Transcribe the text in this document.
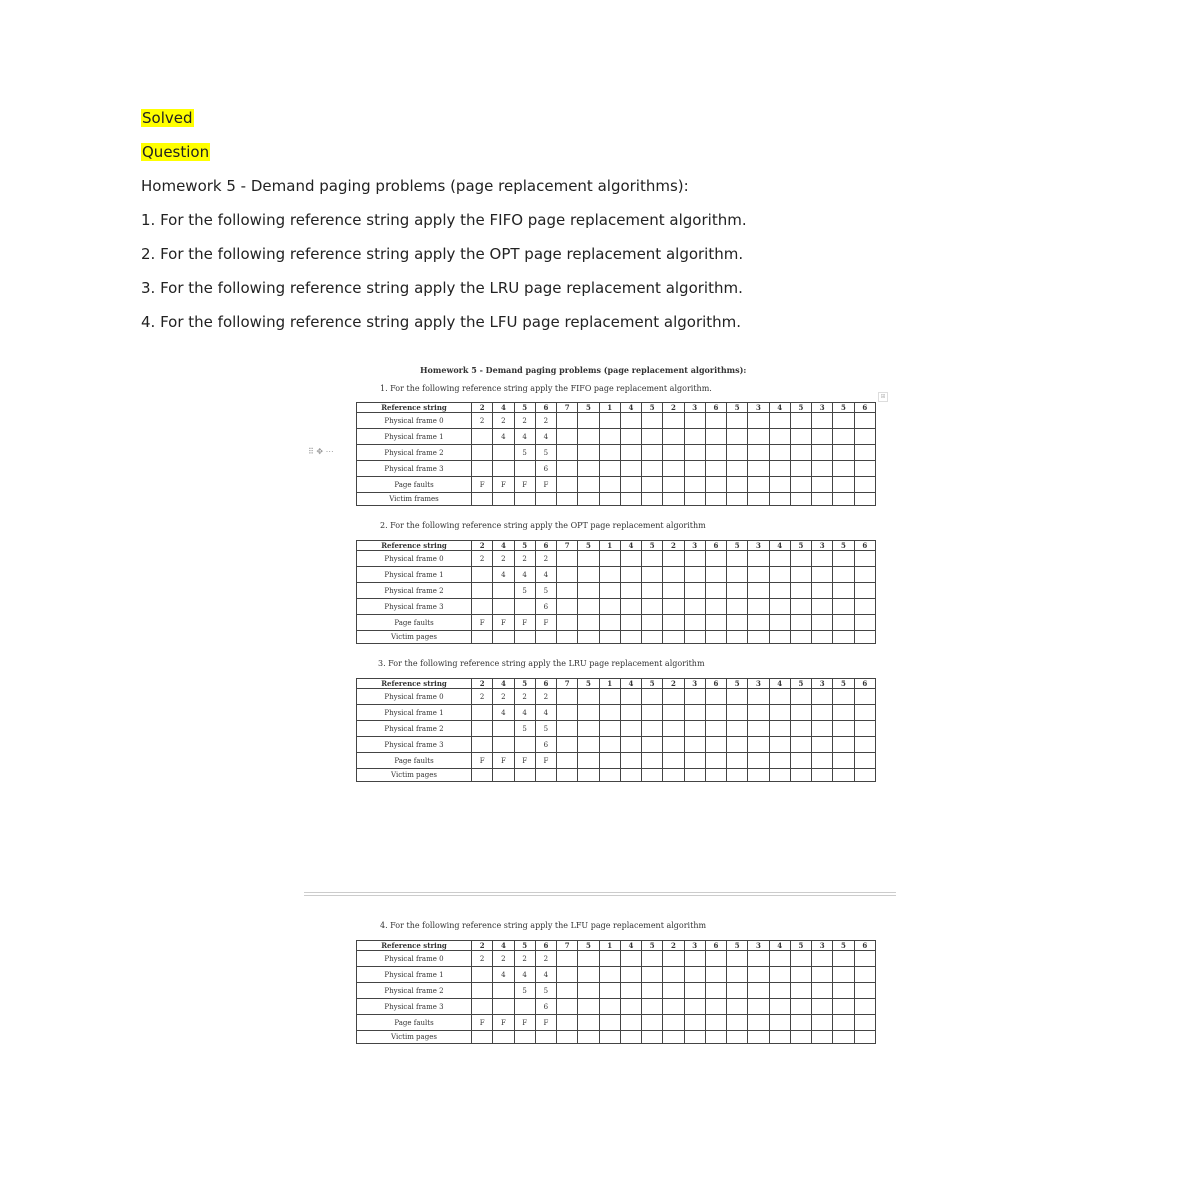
Solved
Question
Homework 5 - Demand paging problems (page replacement algorithms):
1. For the following reference string apply the FIFO page replacement algorithm.
2. For the following reference string apply the OPT page replacement algorithm.
3. For the following reference string apply the LRU page replacement algorithm.
4. For the following reference string apply the LFU page replacement algorithm.
⠿ ✥ ⋯
⊞
Homework 5 - Demand paging problems (page replacement algorithms):
1. For the following reference string apply the FIFO page replacement algorithm.
Reference string	2	4	5	6	7	5	1	4	5	2	3	6	5	3	4	5	3	5	6
Physical frame 0	2	2	2	2															
Physical frame 1		4	4	4															
Physical frame 2			5	5															
Physical frame 3				6															
Page faults	F	F	F	F															
Victim frames																			
2. For the following reference string apply the OPT page replacement algorithm
Reference string	2	4	5	6	7	5	1	4	5	2	3	6	5	3	4	5	3	5	6
Physical frame 0	2	2	2	2															
Physical frame 1		4	4	4															
Physical frame 2			5	5															
Physical frame 3				6															
Page faults	F	F	F	F															
Victim pages																			
3. For the following reference string apply the LRU page replacement algorithm
Reference string	2	4	5	6	7	5	1	4	5	2	3	6	5	3	4	5	3	5	6
Physical frame 0	2	2	2	2															
Physical frame 1		4	4	4															
Physical frame 2			5	5															
Physical frame 3				6															
Page faults	F	F	F	F															
Victim pages																			
4. For the following reference string apply the LFU page replacement algorithm
Reference string	2	4	5	6	7	5	1	4	5	2	3	6	5	3	4	5	3	5	6
Physical frame 0	2	2	2	2															
Physical frame 1		4	4	4															
Physical frame 2			5	5															
Physical frame 3				6															
Page faults	F	F	F	F															
Victim pages																			
